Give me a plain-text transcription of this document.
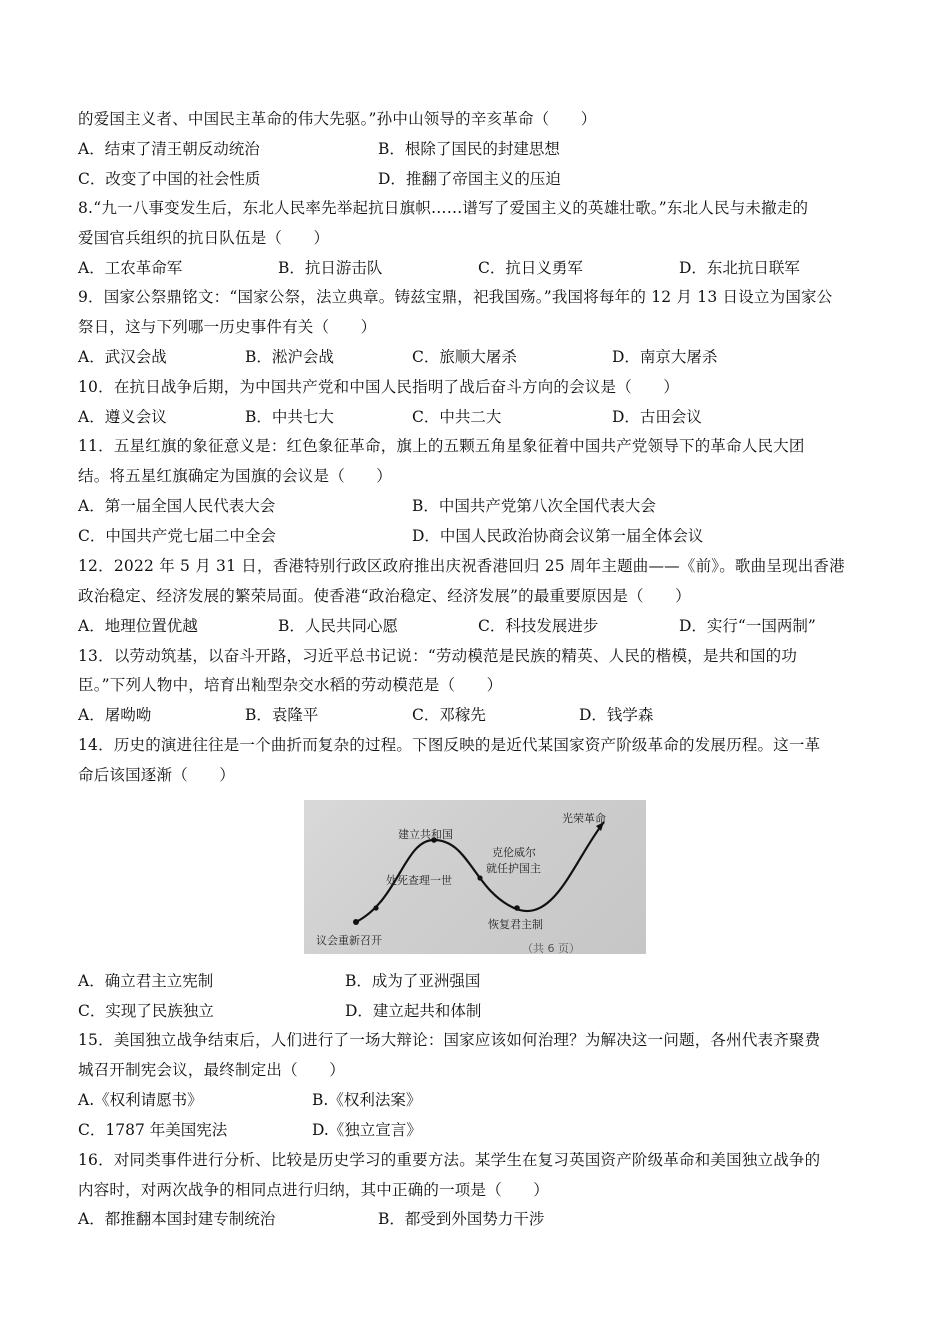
的爱国主义者、中国民主革命的伟大先驱。”孙中山领导的辛亥革命（　　）
A．结束了清王朝反动统治	B．根除了国民的封建思想
C．改变了中国的社会性质	D．推翻了帝国主义的压迫
8.“九一八事变发生后，东北人民率先举起抗日旗帜……谱写了爱国主义的英雄壮歌。”东北人民与未撤走的
爱国官兵组织的抗日队伍是（　　）
A．工农革命军	B．抗日游击队	C．抗日义勇军	D．东北抗日联军
9．国家公祭鼎铭文：“国家公祭，法立典章。铸兹宝鼎，祀我国殇。”我国将每年的 12 月 13 日设立为国家公
祭日，这与下列哪一历史事件有关（　　）
A．武汉会战	B．淞沪会战	C．旅顺大屠杀	D．南京大屠杀
10．在抗日战争后期，为中国共产党和中国人民指明了战后奋斗方向的会议是（　　）
A．遵义会议	B．中共七大	C．中共二大	D．古田会议
11．五星红旗的象征意义是：红色象征革命，旗上的五颗五角星象征着中国共产党领导下的革命人民大团
结。将五星红旗确定为国旗的会议是（　　）
A．第一届全国人民代表大会	B．中国共产党第八次全国代表大会
C．中国共产党七届二中全会	D．中国人民政治协商会议第一届全体会议
12．2022 年 5 月 31 日，香港特别行政区政府推出庆祝香港回归 25 周年主题曲——《前》。歌曲呈现出香港
政治稳定、经济发展的繁荣局面。使香港“政治稳定、经济发展”的最重要原因是（　　）
A．地理位置优越	B．人民共同心愿	C．科技发展进步	D．实行“一国两制”
13．以劳动筑基，以奋斗开路，习近平总书记说：“劳动模范是民族的精英、人民的楷模，是共和国的功
臣。”下列人物中，培育出籼型杂交水稻的劳动模范是（　　）
A．屠呦呦	B．袁隆平	C．邓稼先	D．钱学森
14．历史的演进往往是一个曲折而复杂的过程。下图反映的是近代某国家资产阶级革命的发展历程。这一革
命后该国逐渐（　　）
建立共和国
处死查理一世
议会重新召开
克伦威尔
就任护国主
恢复君主制
光荣革命
（共 6 页）
A．确立君主立宪制	B．成为了亚洲强国
C．实现了民族独立	D．建立起共和体制
15．美国独立战争结束后，人们进行了一场大辩论：国家应该如何治理？为解决这一问题，各州代表齐聚费
城召开制宪会议，最终制定出（　　）
A.《权利请愿书》	B.《权利法案》
C．1787 年美国宪法	D.《独立宣言》
16．对同类事件进行分析、比较是历史学习的重要方法。某学生在复习英国资产阶级革命和美国独立战争的
内容时，对两次战争的相同点进行归纳，其中正确的一项是（　　）
A．都推翻本国封建专制统治	B．都受到外国势力干涉
